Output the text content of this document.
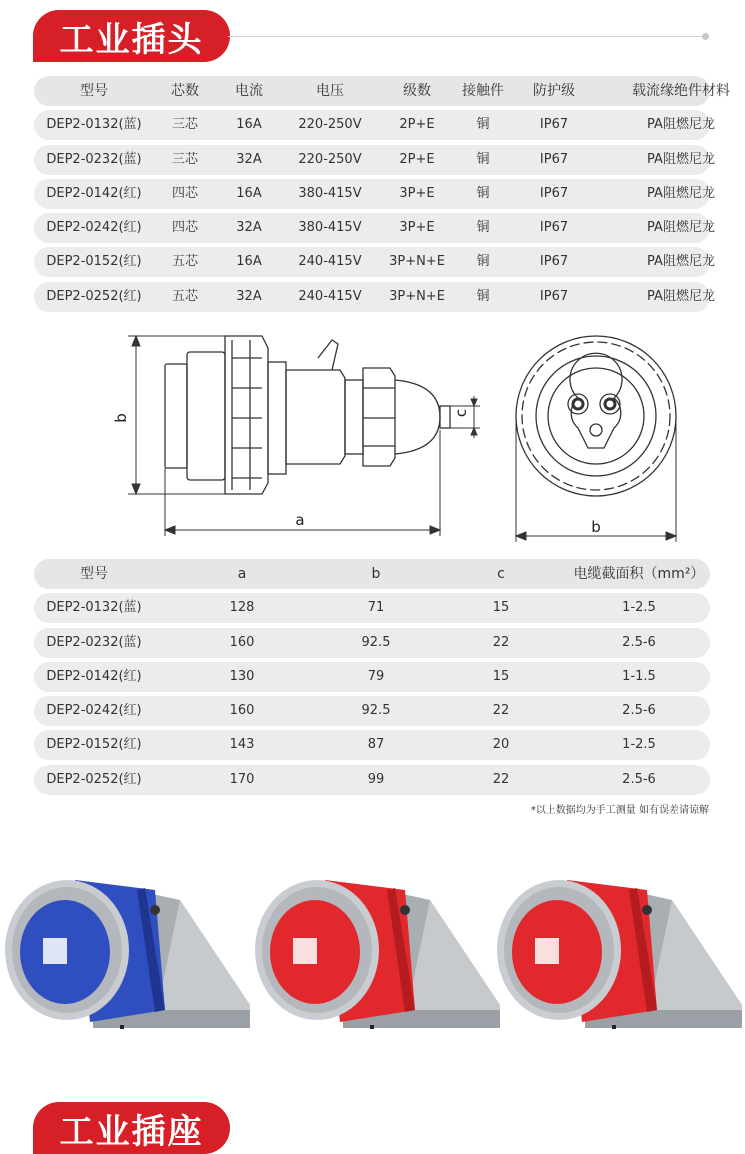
工业插头
型号	芯数	电流	电压	级数	接触件	防护级	载流缘绝件材料
DEP2-0132(蓝)	三芯	16A	220-250V	2P+E	铜	IP67	PA阻燃尼龙
DEP2-0232(蓝)	三芯	32A	220-250V	2P+E	铜	IP67	PA阻燃尼龙
DEP2-0142(红)	四芯	16A	380-415V	3P+E	铜	IP67	PA阻燃尼龙
DEP2-0242(红)	四芯	32A	380-415V	3P+E	铜	IP67	PA阻燃尼龙
DEP2-0152(红)	五芯	16A	240-415V	3P+N+E	铜	IP67	PA阻燃尼龙
DEP2-0252(红)	五芯	32A	240-415V	3P+N+E	铜	IP67	PA阻燃尼龙
b
a
c
b
型号	a	b	c	电缆截面积（mm²）
DEP2-0132(蓝)	128	71	15	1-2.5
DEP2-0232(蓝)	160	92.5	22	2.5-6
DEP2-0142(红)	130	79	15	1-1.5
DEP2-0242(红)	160	92.5	22	2.5-6
DEP2-0152(红)	143	87	20	1-2.5
DEP2-0252(红)	170	99	22	2.5-6
*以上数据均为手工测量 如有误差请谅解
工业插座
